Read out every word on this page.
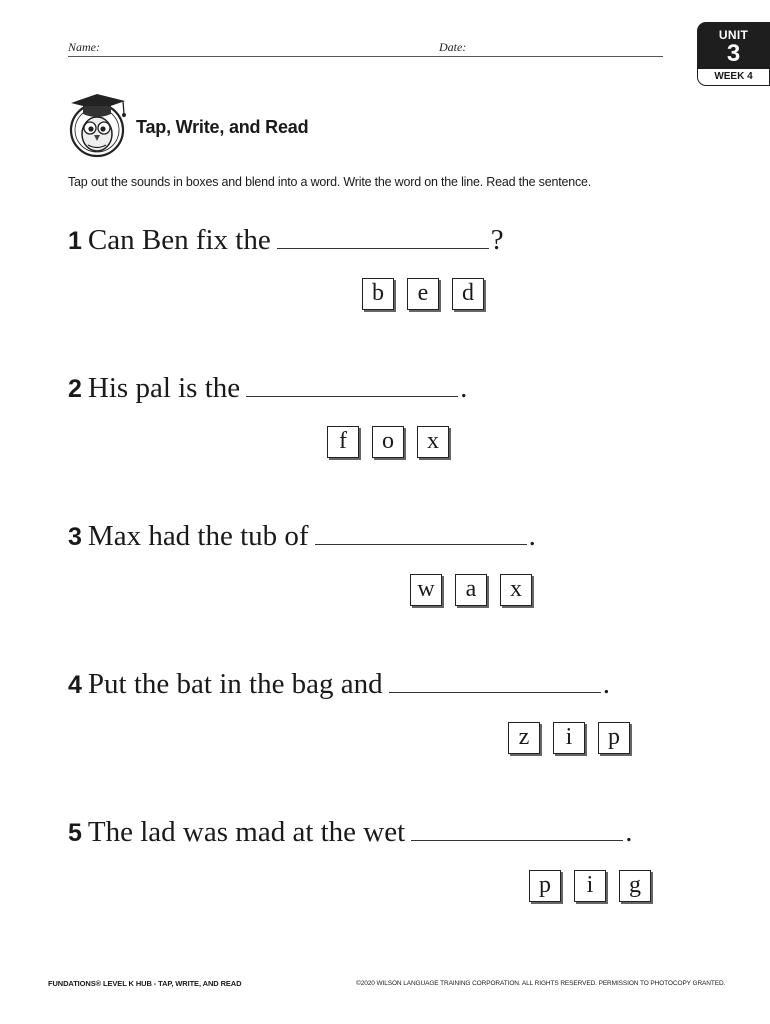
Name:	Date:
UNIT
3
WEEK 4
Tap, Write, and Read
Tap out the sounds in boxes and blend into a word. Write the word on the line. Read the sentence.
1 Can Ben fix the	?
b	e	d
2 His pal is the	.
f	o	x
3 Max had the tub of	.
w	a	x
4 Put the bat in the bag and	.
z	i	p
5 The lad was mad at the wet	.
p	i	g
FUNDATIONS® LEVEL K HUB - TAP, WRITE, AND READ	©2020 WILSON LANGUAGE TRAINING CORPORATION. ALL RIGHTS RESERVED. PERMISSION TO PHOTOCOPY GRANTED.
